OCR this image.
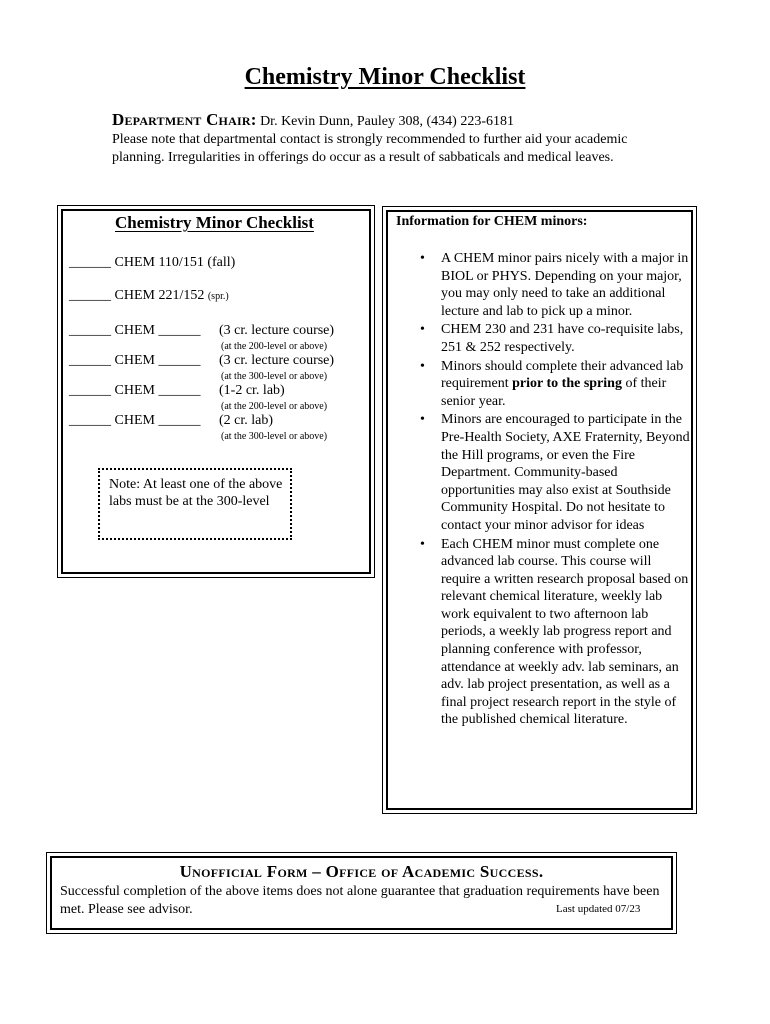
Chemistry Minor Checklist
Department Chair: Dr. Kevin Dunn, Pauley 308, (434) 223-6181
Please note that departmental contact is strongly recommended to further aid your academic planning. Irregularities in offerings do occur as a result of sabbaticals and medical leaves.
Chemistry Minor Checklist
______ CHEM 110/151 (fall)
______ CHEM 221/152 (spr.)
______ CHEM ______ (3 cr. lecture course)
(at the 200-level or above)
______ CHEM ______ (3 cr. lecture course)
(at the 300-level or above)
______ CHEM ______ (1-2 cr. lab)
(at the 200-level or above)
______ CHEM ______ (2 cr. lab)
(at the 300-level or above)
Note: At least one of the above labs must be at the 300-level
Information for CHEM minors:
• A CHEM minor pairs nicely with a major in BIOL or PHYS. Depending on your major, you may only need to take an additional lecture and lab to pick up a minor.
• CHEM 230 and 231 have co-requisite labs, 251 & 252 respectively.
• Minors should complete their advanced lab requirement prior to the spring of their senior year.
• Minors are encouraged to participate in the Pre-Health Society, AXE Fraternity, Beyond the Hill programs, or even the Fire Department. Community-based opportunities may also exist at Southside Community Hospital. Do not hesitate to contact your minor advisor for ideas
• Each CHEM minor must complete one advanced lab course. This course will require a written research proposal based on relevant chemical literature, weekly lab work equivalent to two afternoon lab periods, a weekly lab progress report and planning conference with professor, attendance at weekly adv. lab seminars, an adv. lab project presentation, as well as a final project research report in the style of the published chemical literature.
Unofficial Form – Office of Academic Success.
Successful completion of the above items does not alone guarantee that graduation requirements have been met. Please see advisor.	Last updated 07/23
